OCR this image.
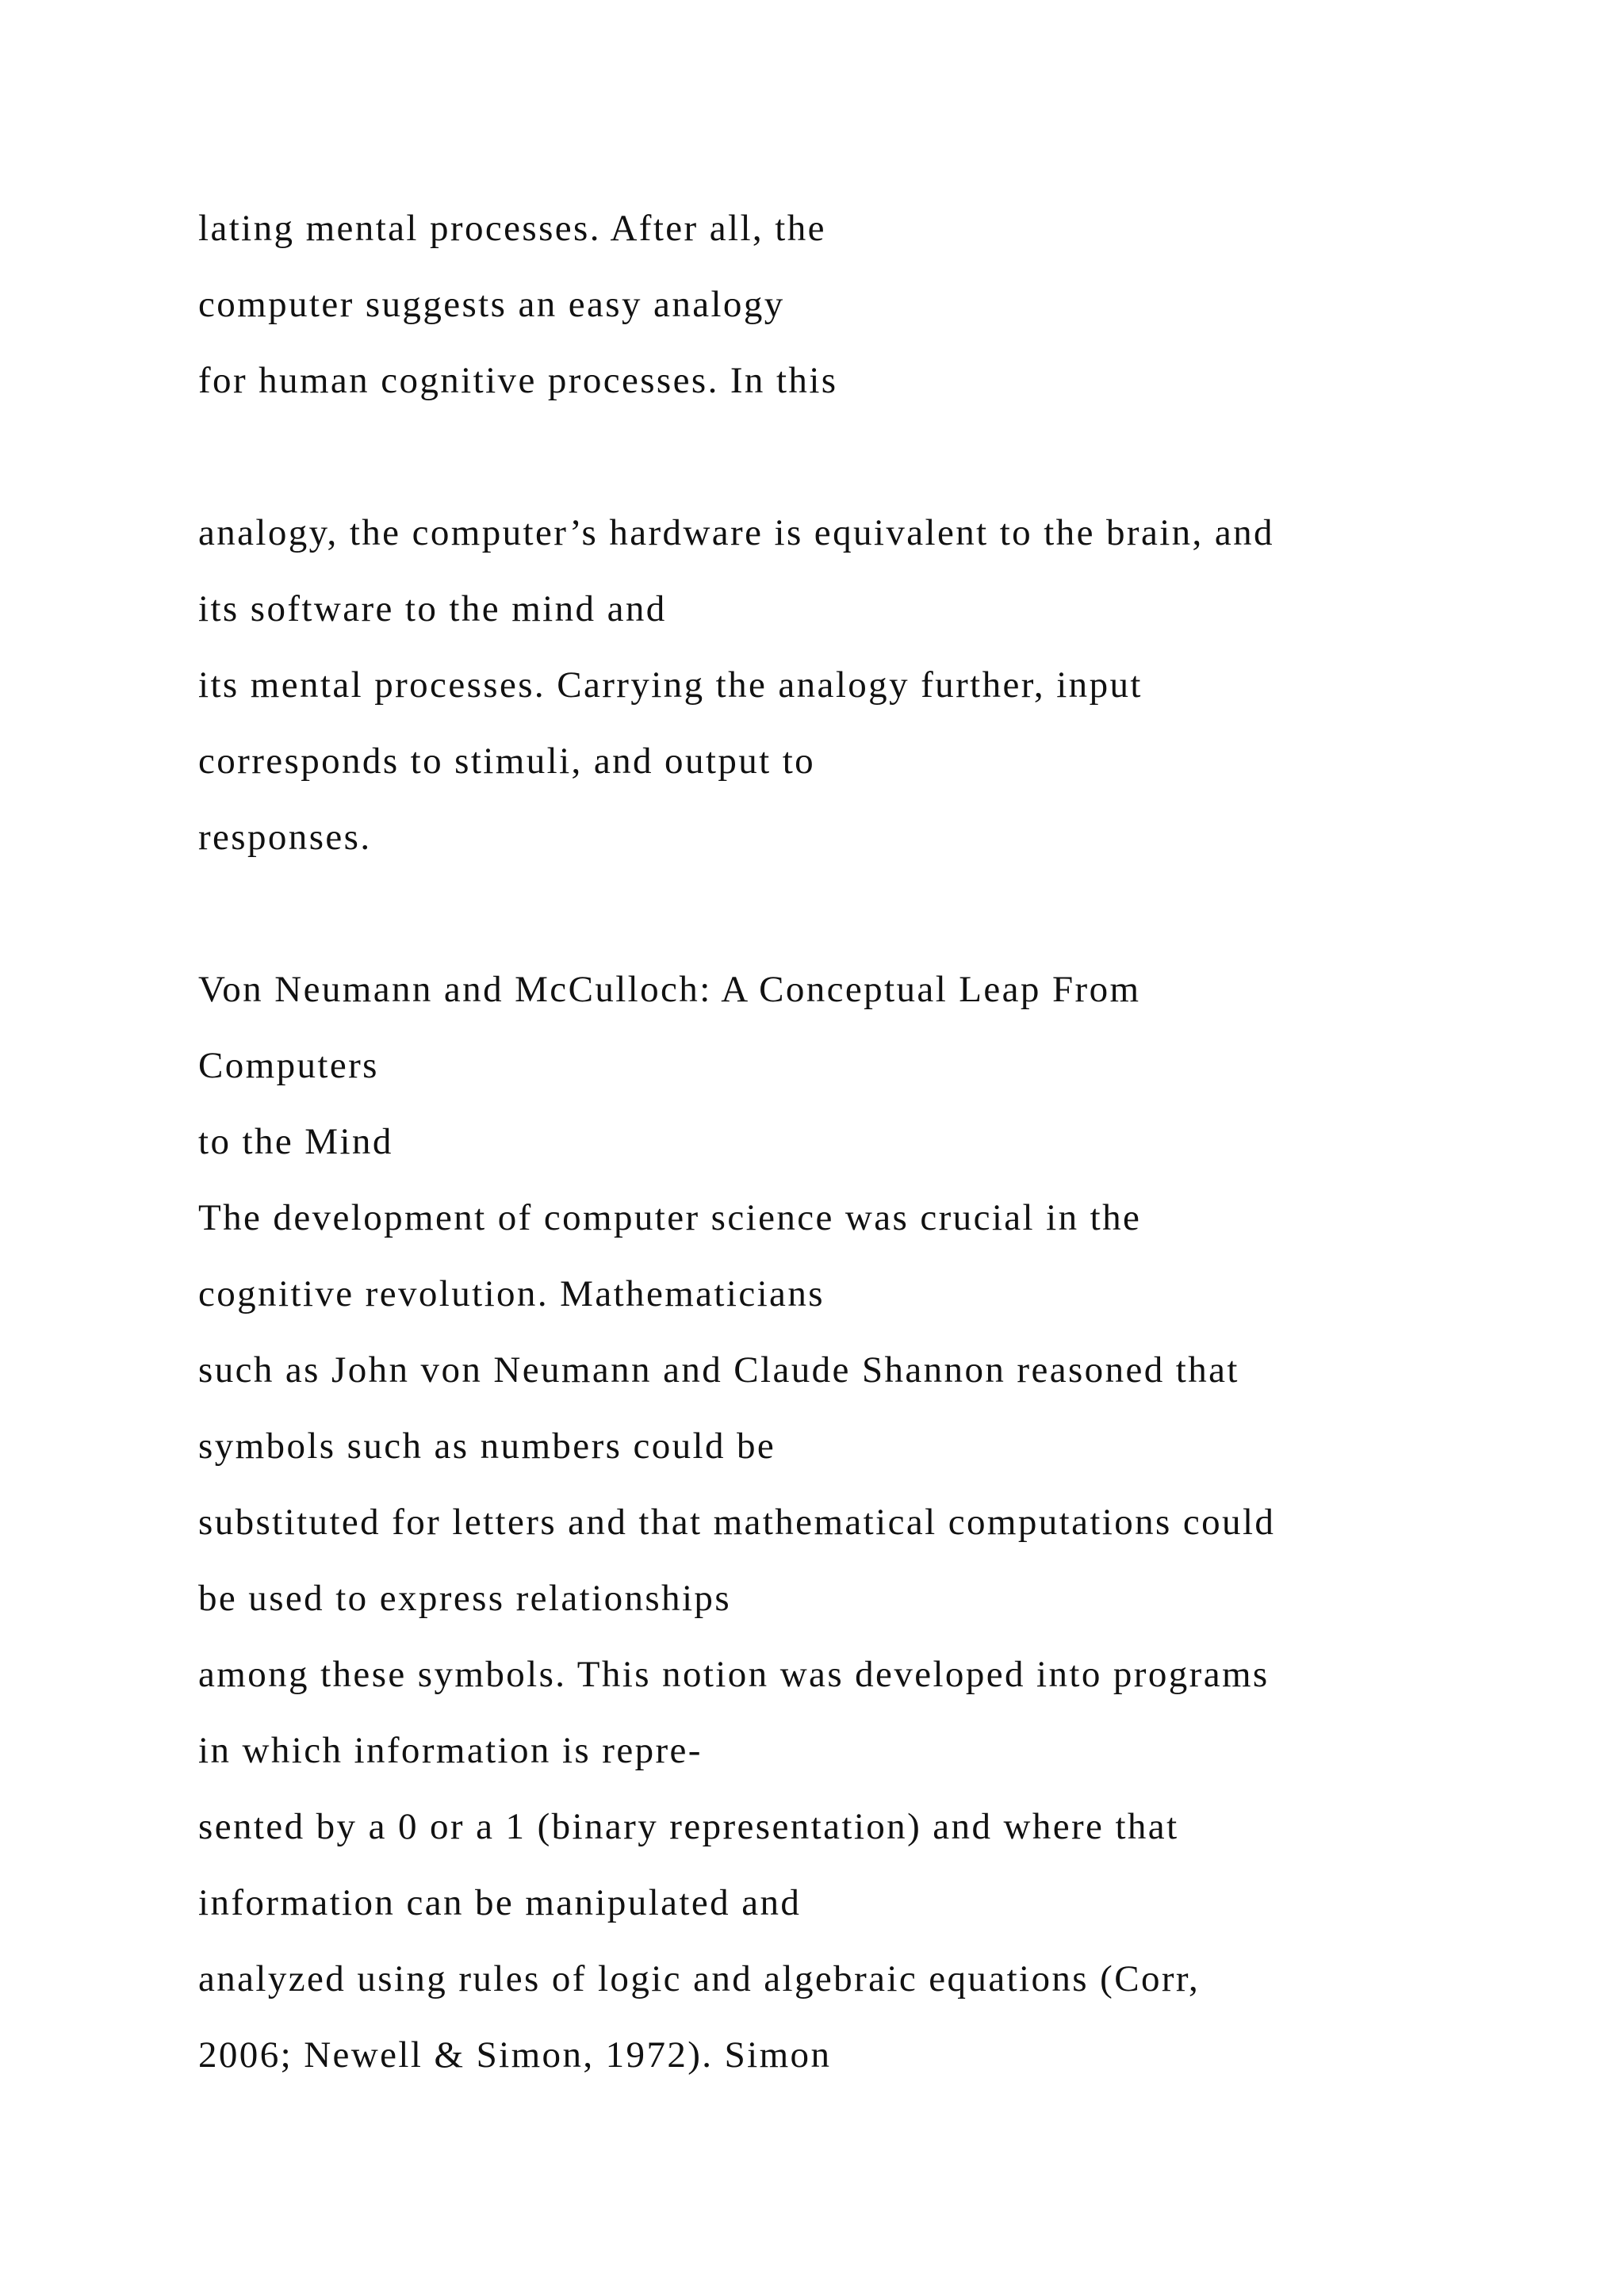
lating mental processes. After all, the
computer suggests an easy analogy
for human cognitive processes. In this
analogy, the computer’s hardware is equivalent to the brain, and
its software to the mind and
its mental processes. Carrying the analogy further, input
corresponds to stimuli, and output to
responses.
Von Neumann and McCulloch: A Conceptual Leap From
Computers
to the Mind
The development of computer science was crucial in the
cognitive revolution. Mathematicians
such as John von Neumann and Claude Shannon reasoned that
symbols such as numbers could be
substituted for letters and that mathematical computations could
be used to express relationships
among these symbols. This notion was developed into programs
in which information is repre-
sented by a 0 or a 1 (binary representation) and where that
information can be manipulated and
analyzed using rules of logic and algebraic equations (Corr,
2006; Newell & Simon, 1972). Simon
